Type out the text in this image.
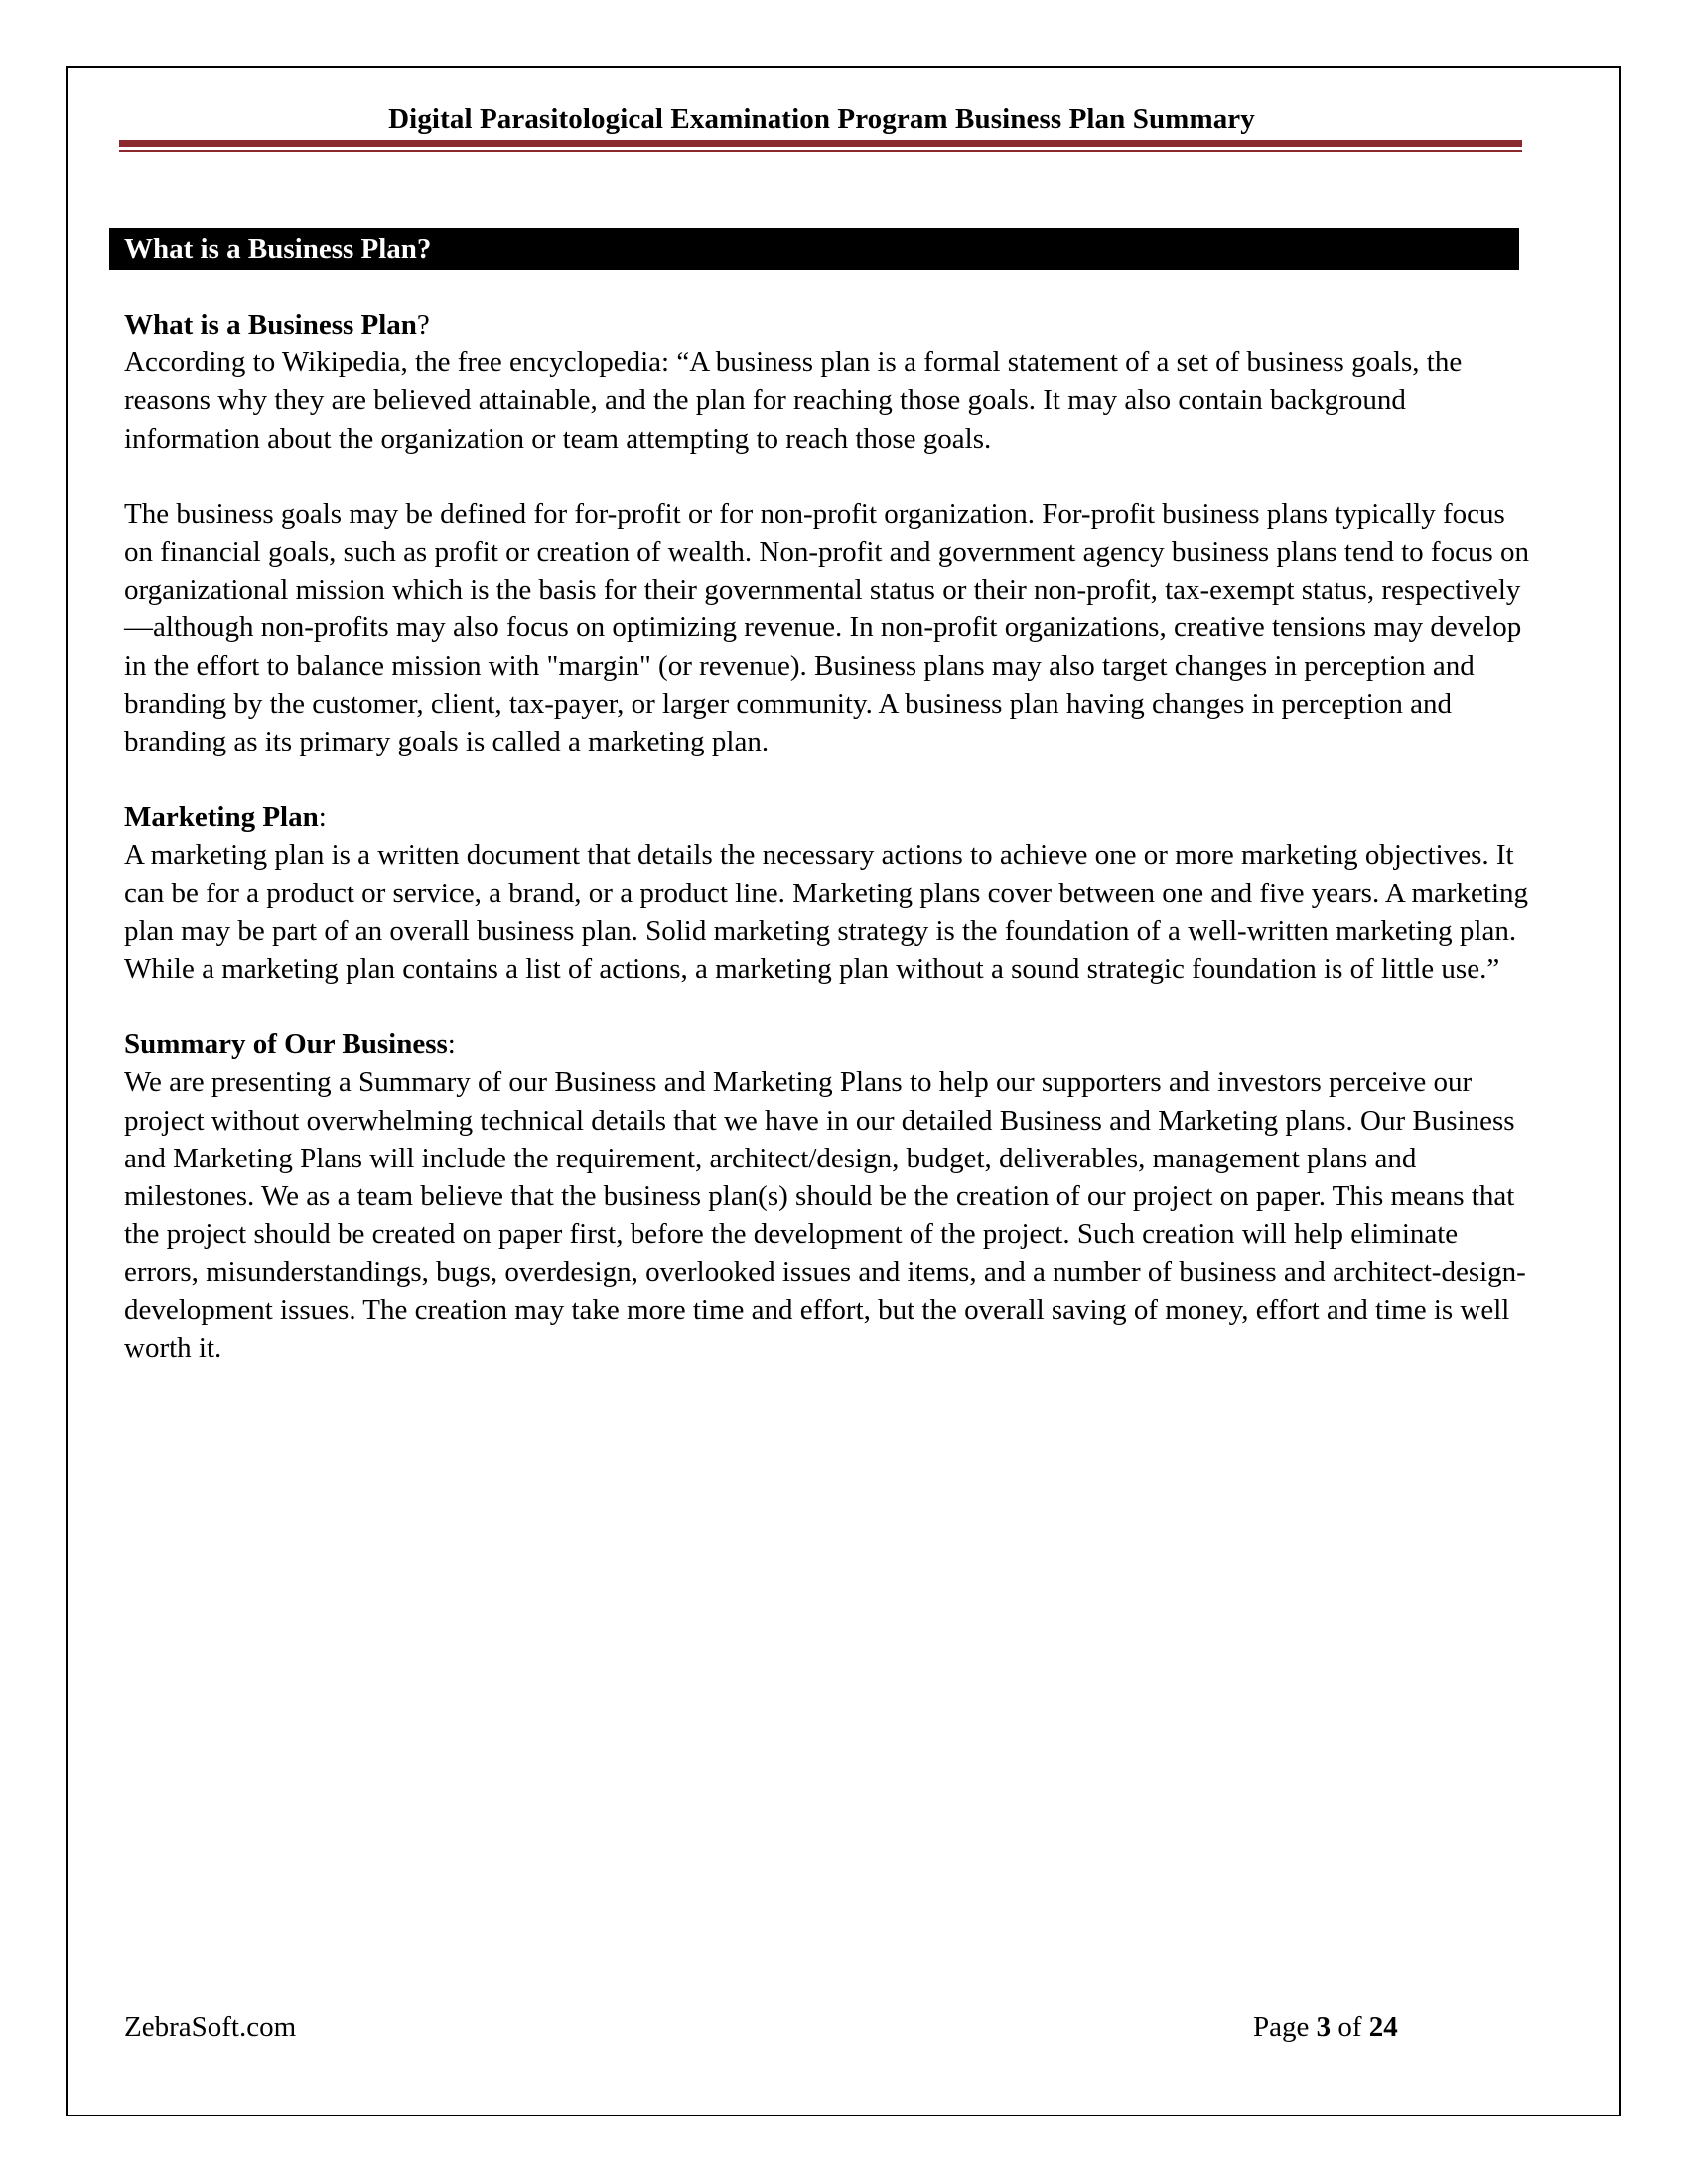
Digital Parasitological Examination Program Business Plan Summary
What is a Business Plan?

What is a Business Plan?

According to Wikipedia, the free encyclopedia: “A business plan is a formal statement of a set of business goals, the reasons why they are believed attainable, and the plan for reaching those goals. It may also contain background information about the organization or team attempting to reach those goals.

The business goals may be defined for for-profit or for non-profit organization. For-profit business plans typically focus on financial goals, such as profit or creation of wealth. Non-profit and government agency business plans tend to focus on organizational mission which is the basis for their governmental status or their non-profit, tax-exempt status, respectively—although non-profits may also focus on optimizing revenue. In non-profit organizations, creative tensions may develop in the effort to balance mission with "margin" (or revenue). Business plans may also target changes in perception and branding by the customer, client, tax-payer, or larger community. A business plan having changes in perception and branding as its primary goals is called a marketing plan.

Marketing Plan:

A marketing plan is a written document that details the necessary actions to achieve one or more marketing objectives. It can be for a product or service, a brand, or a product line. Marketing plans cover between one and five years. A marketing plan may be part of an overall business plan. Solid marketing strategy is the foundation of a well-written marketing plan. While a marketing plan contains a list of actions, a marketing plan without a sound strategic foundation is of little use.”

Summary of Our Business:

We are presenting a Summary of our Business and Marketing Plans to help our supporters and investors perceive our project without overwhelming technical details that we have in our detailed Business and Marketing plans. Our Business and Marketing Plans will include the requirement, architect/design, budget, deliverables, management plans and milestones. We as a team believe that the business plan(s) should be the creation of our project on paper. This means that the project should be created on paper first, before the development of the project. Such creation will help eliminate errors, misunderstandings, bugs, overdesign, overlooked issues and items, and a number of business and architect-design-development issues. The creation may take more time and effort, but the overall saving of money, effort and time is well worth it.

ZebraSoft.com	Page 3 of 24
